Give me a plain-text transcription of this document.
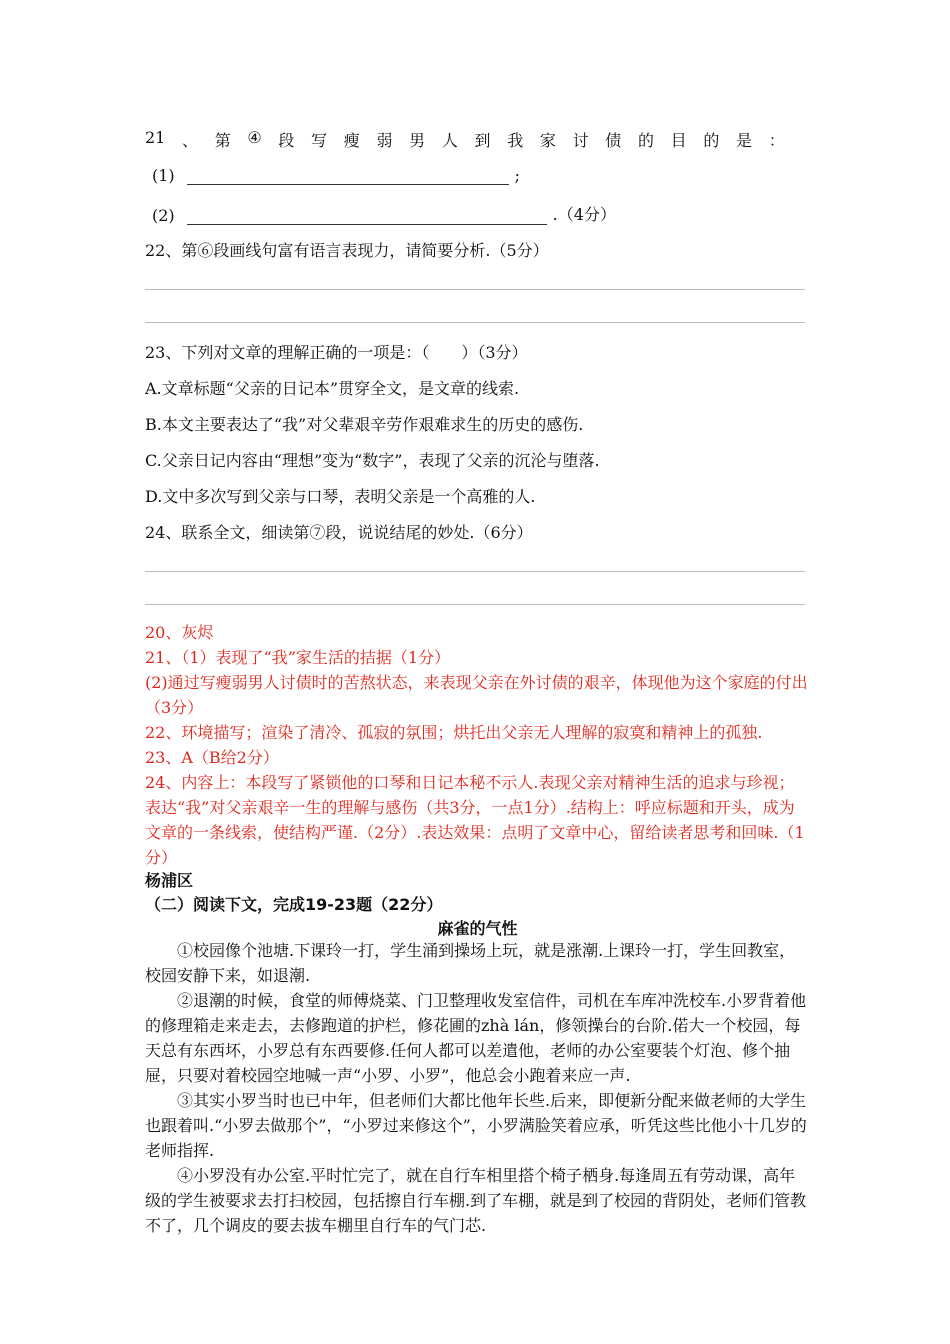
21 、 第 ④ 段 写 瘦 弱 男 人 到 我 家 讨 债 的 目 的 是 ：
(1)	;
(2)	.（4分）
22、第⑥段画线句富有语言表现力，请简要分析.（5分）
23、下列对文章的理解正确的一项是：（　　）（3分）
A.文章标题“父亲的日记本”贯穿全文，是文章的线索.
B.本文主要表达了“我”对父辈艰辛劳作艰难求生的历史的感伤.
C.父亲日记内容由“理想”变为“数字”，表现了父亲的沉沦与堕落.
D.文中多次写到父亲与口琴，表明父亲是一个高雅的人.
24、联系全文，细读第⑦段，说说结尾的妙处.（6分）
20、灰烬
21、（1）表现了“我”家生活的拮据（1分）
(2)通过写瘦弱男人讨债时的苦熬状态，来表现父亲在外讨债的艰辛，体现他为这个家庭的付出（3分）
22、环境描写；渲染了清冷、孤寂的氛围；烘托出父亲无人理解的寂寞和精神上的孤独.
23、A（B给2分）
24、内容上：本段写了紧锁他的口琴和日记本秘不示人.表现父亲对精神生活的追求与珍视；表达“我”对父亲艰辛一生的理解与感伤（共3分，一点1分）.结构上：呼应标题和开头，成为文章的一条线索，使结构严谨.（2分）.表达效果：点明了文章中心，留给读者思考和回味.（1分）
杨浦区
（二）阅读下文，完成19-23题（22分）
麻雀的气性

①校园像个池塘.下课玲一打，学生涌到操场上玩，就是涨潮.上课玲一打，学生回教室，校园安静下来，如退潮.

②退潮的时候，食堂的师傅烧菜、门卫整理收发室信件，司机在车库冲洗校车.小罗背着他的修理箱走来走去，去修跑道的护栏，修花圃的zhà lán，修领操台的台阶.偌大一个校园，每天总有东西坏，小罗总有东西要修.任何人都可以差遣他，老师的办公室要装个灯泡、修个抽屉，只要对着校园空地喊一声“小罗、小罗”，他总会小跑着来应一声.

③其实小罗当时也已中年，但老师们大都比他年长些.后来，即便新分配来做老师的大学生也跟着叫.“小罗去做那个”，“小罗过来修这个”，小罗满脸笑着应承，听凭这些比他小十几岁的老师指挥.

④小罗没有办公室.平时忙完了，就在自行车相里搭个椅子栖身.每逢周五有劳动课，高年级的学生被要求去打扫校园，包括擦自行车棚.到了车棚，就是到了校园的背阴处，老师们管教不了，几个调皮的要去拔车棚里自行车的气门芯.
